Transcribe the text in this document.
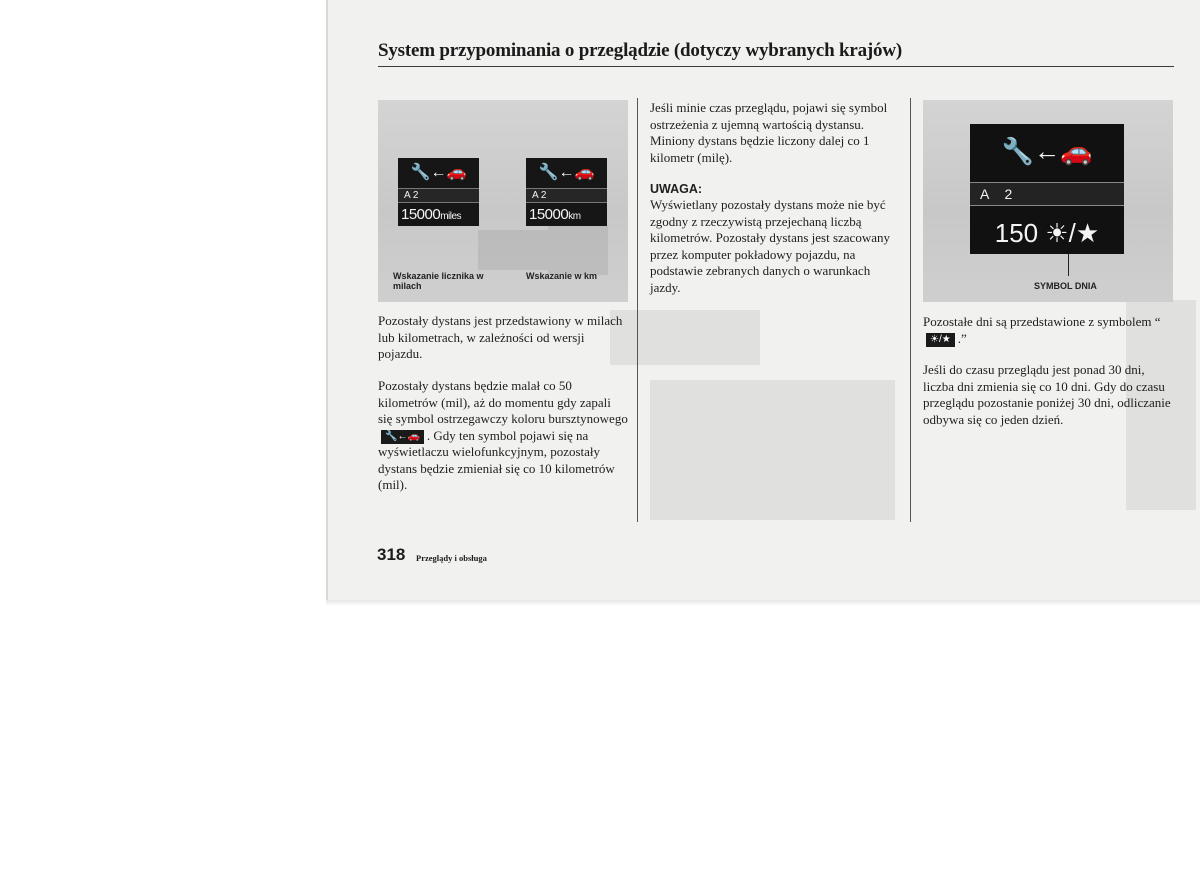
System przypominania o przeglądzie (dotyczy wybranych krajów)
🔧←🚗
A 2
15000miles
🔧←🚗
A 2
15000km
Wskazanie licznika w milach
Wskazanie w km
Pozostały dystans jest przedstawiony w milach lub kilometrach, w zależności od wersji pojazdu.
Pozostały dystans będzie malał co 50 kilometrów (mil), aż do momentu gdy zapali się symbol ostrzegawczy koloru bursztynowego🔧←🚗 . Gdy ten symbol pojawi się na wyświetlaczu wielofunkcyjnym, pozostały dystans będzie zmieniał się co 10 kilometrów (mil).
Jeśli minie czas przeglądu, pojawi się symbol ostrzeżenia z ujemną wartością dystansu. Miniony dystans będzie liczony dalej co 1 kilometr (milę).
UWAGA:
Wyświetlany pozostały dystans może nie być zgodny z rzeczywistą przejechaną liczbą kilometrów. Pozostały dystans jest szacowany przez komputer pokładowy pojazdu, na podstawie zebranych danych o warunkach jazdy.
🔧←🚗
A 2
150 ☀/★
SYMBOL DNIA
Pozostałe dni są przedstawione z symbolem “☀/★ .”
Jeśli do czasu przeglądu jest ponad 30 dni, liczba dni zmienia się co 10 dni. Gdy do czasu przeglądu pozostanie poniżej 30 dni, odliczanie odbywa się co jeden dzień.
318 Przeglądy i obsługa
